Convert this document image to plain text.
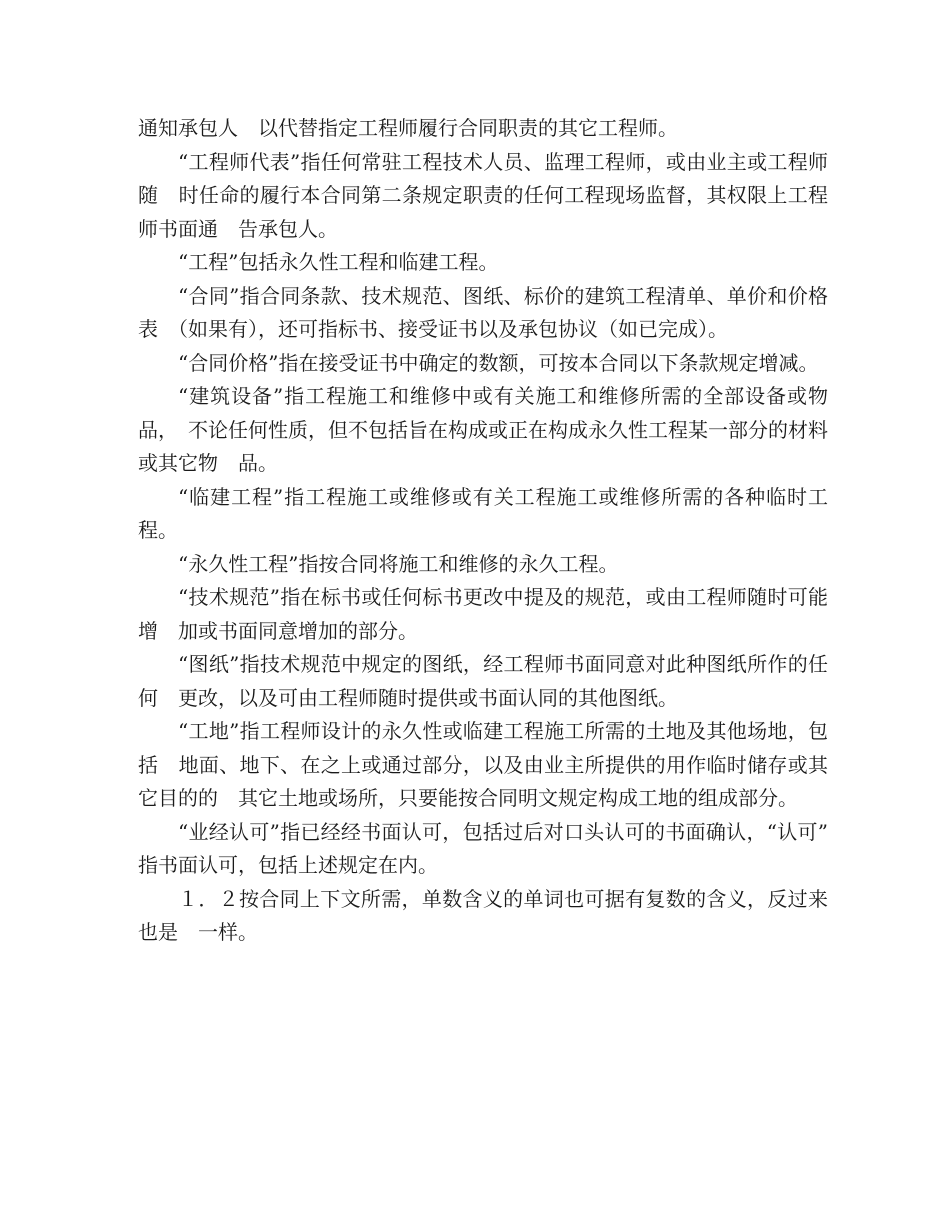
通知承包人　以代替指定工程师履行合同职责的其它工程师。

“工程师代表”指任何常驻工程技术人员、监理工程师，或由业主或工程师随　时任命的履行本合同第二条规定职责的任何工程现场监督，其权限上工程师书面通　告承包人。

“工程”包括永久性工程和临建工程。

“合同”指合同条款、技术规范、图纸、标价的建筑工程清单、单价和价格表　（如果有），还可指标书、接受证书以及承包协议（如已完成）。

“合同价格”指在接受证书中确定的数额，可按本合同以下条款规定增减。

“建筑设备”指工程施工和维修中或有关施工和维修所需的全部设备或物品，　不论任何性质，但不包括旨在构成或正在构成永久性工程某一部分的材料或其它物　品。

“临建工程”指工程施工或维修或有关工程施工或维修所需的各种临时工程。

“永久性工程”指按合同将施工和维修的永久工程。

“技术规范”指在标书或任何标书更改中提及的规范，或由工程师随时可能增　加或书面同意增加的部分。

“图纸”指技术规范中规定的图纸，经工程师书面同意对此种图纸所作的任何　更改，以及可由工程师随时提供或书面认同的其他图纸。

“工地”指工程师设计的永久性或临建工程施工所需的土地及其他场地，包括　地面、地下、在之上或通过部分，以及由业主所提供的用作临时储存或其它目的的　其它土地或场所，只要能按合同明文规定构成工地的组成部分。

“业经认可”指已经经书面认可，包括过后对口头认可的书面确认，“认可”　指书面认可，包括上述规定在内。

１．２按合同上下文所需，单数含义的单词也可据有复数的含义，反过来也是　一样。
